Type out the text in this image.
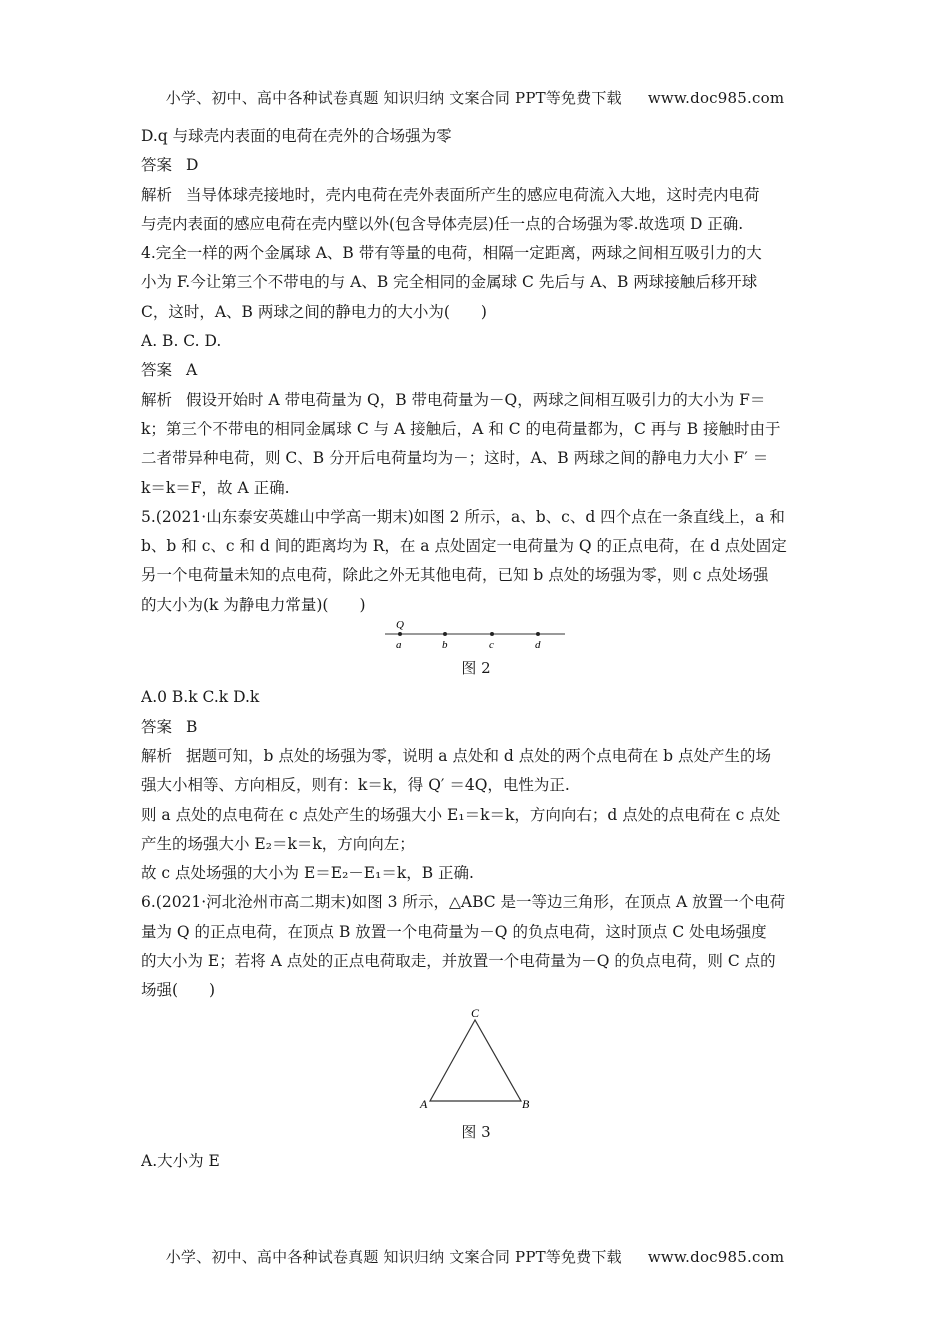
小学、初中、高中各种试卷真题 知识归纳 文案合同 PPT等免费下载 www.doc985.com
D.q 与球壳内表面的电荷在壳外的合场强为零
答案 D
解析 当导体球壳接地时，壳内电荷在壳外表面所产生的感应电荷流入大地，这时壳内电荷
与壳内表面的感应电荷在壳内壁以外(包含导体壳层)任一点的合场强为零.故选项 D 正确.
4.完全一样的两个金属球 A、B 带有等量的电荷，相隔一定距离，两球之间相互吸引力的大
小为 F.今让第三个不带电的与 A、B 完全相同的金属球 C 先后与 A、B 两球接触后移开球
C，这时，A、B 两球之间的静电力的大小为(　　)
A. B. C. D.
答案 A
解析 假设开始时 A 带电荷量为 Q，B 带电荷量为－Q，两球之间相互吸引力的大小为 F＝
k；第三个不带电的相同金属球 C 与 A 接触后，A 和 C 的电荷量都为，C 再与 B 接触时由于
二者带异种电荷，则 C、B 分开后电荷量均为－；这时，A、B 两球之间的静电力大小 F′ ＝
k＝k＝F，故 A 正确.
5.(2021·山东泰安英雄山中学高一期末)如图 2 所示，a、b、c、d 四个点在一条直线上，a 和
b、b 和 c、c 和 d 间的距离均为 R，在 a 点处固定一电荷量为 Q 的正点电荷，在 d 点处固定
另一个电荷量未知的点电荷，除此之外无其他电荷，已知 b 点处的场强为零，则 c 点处场强
的大小为(k 为静电力常量)(　　)
Q
a	b	c	d
图 2
A.0 B.k C.k D.k
答案 B
解析 据题可知，b 点处的场强为零，说明 a 点处和 d 点处的两个点电荷在 b 点处产生的场
强大小相等、方向相反，则有：k＝k，得 Q′ ＝4Q，电性为正.
则 a 点处的点电荷在 c 点处产生的场强大小 E₁＝k＝k，方向向右；d 点处的点电荷在 c 点处
产生的场强大小 E₂＝k＝k，方向向左；
故 c 点处场强的大小为 E＝E₂－E₁＝k，B 正确.
6.(2021·河北沧州市高二期末)如图 3 所示，△ABC 是一等边三角形，在顶点 A 放置一个电荷
量为 Q 的正点电荷，在顶点 B 放置一个电荷量为－Q 的负点电荷，这时顶点 C 处电场强度
的大小为 E；若将 A 点处的正点电荷取走，并放置一个电荷量为－Q 的负点电荷，则 C 点的
场强(　　)
C
A	B
图 3
A.大小为 E
小学、初中、高中各种试卷真题 知识归纳 文案合同 PPT等免费下载 www.doc985.com
